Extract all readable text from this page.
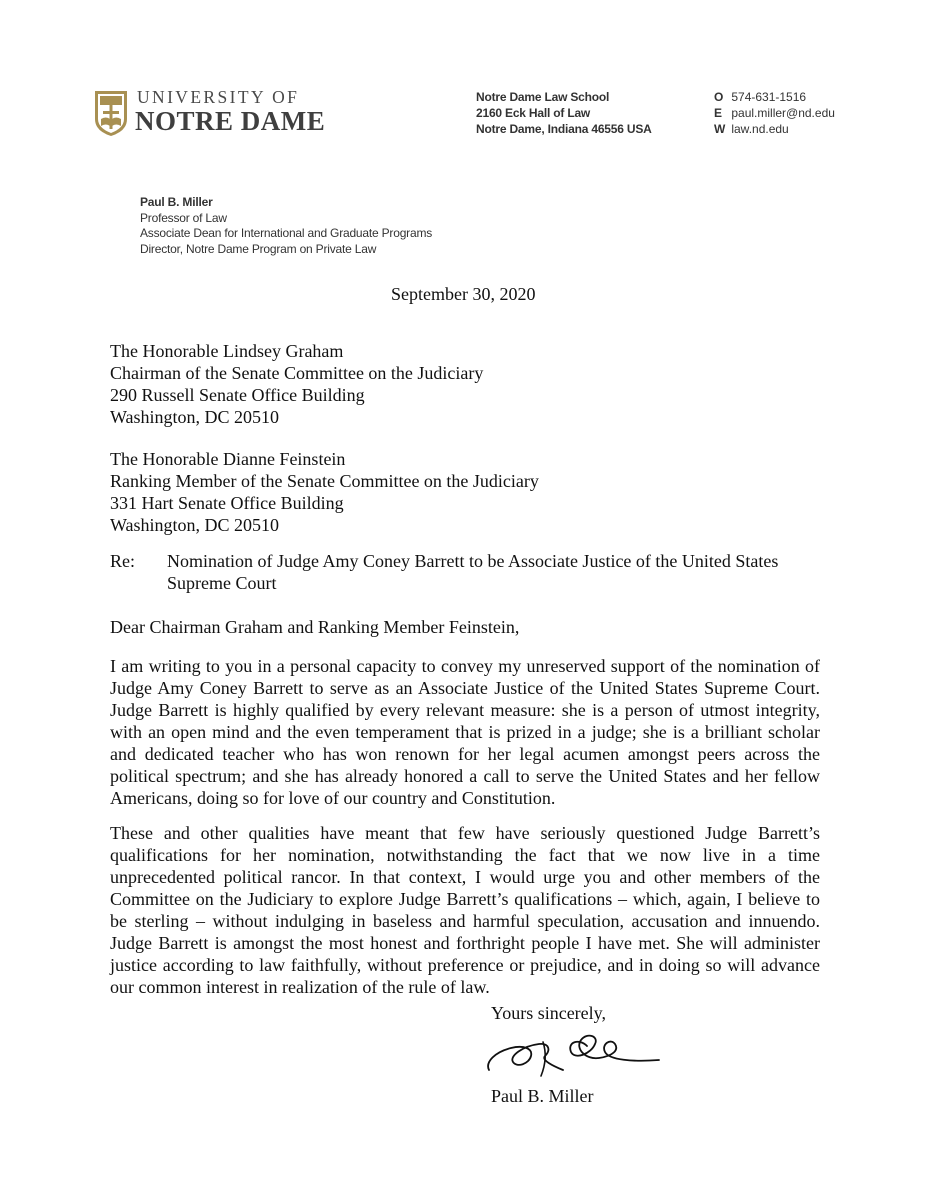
UNIVERSITY OF
NOTRE DAME
Notre Dame Law School
2160 Eck Hall of Law
Notre Dame, Indiana 46556 USA
O 574-631-1516
E paul.miller@nd.edu
W law.nd.edu
Paul B. Miller
Professor of Law
Associate Dean for International and Graduate Programs
Director, Notre Dame Program on Private Law
September 30, 2020
The Honorable Lindsey Graham
Chairman of the Senate Committee on the Judiciary
290 Russell Senate Office Building
Washington, DC 20510
The Honorable Dianne Feinstein
Ranking Member of the Senate Committee on the Judiciary
331 Hart Senate Office Building
Washington, DC 20510
Re: Nomination of Judge Amy Coney Barrett to be Associate Justice of the United States Supreme Court
Dear Chairman Graham and Ranking Member Feinstein,

I am writing to you in a personal capacity to convey my unreserved support of the nomination of Judge Amy Coney Barrett to serve as an Associate Justice of the United States Supreme Court. Judge Barrett is highly qualified by every relevant measure: she is a person of utmost integrity, with an open mind and the even temperament that is prized in a judge; she is a brilliant scholar and dedicated teacher who has won renown for her legal acumen amongst peers across the political spectrum; and she has already honored a call to serve the United States and her fellow Americans, doing so for love of our country and Constitution.

These and other qualities have meant that few have seriously questioned Judge Barrett’s qualifications for her nomination, notwithstanding the fact that we now live in a time unprecedented political rancor. In that context, I would urge you and other members of the Committee on the Judiciary to explore Judge Barrett’s qualifications – which, again, I believe to be sterling – without indulging in baseless and harmful speculation, accusation and innuendo. Judge Barrett is amongst the most honest and forthright people I have met. She will administer justice according to law faithfully, without preference or prejudice, and in doing so will advance our common interest in realization of the rule of law.

Yours sincerely,
Paul B. Miller
